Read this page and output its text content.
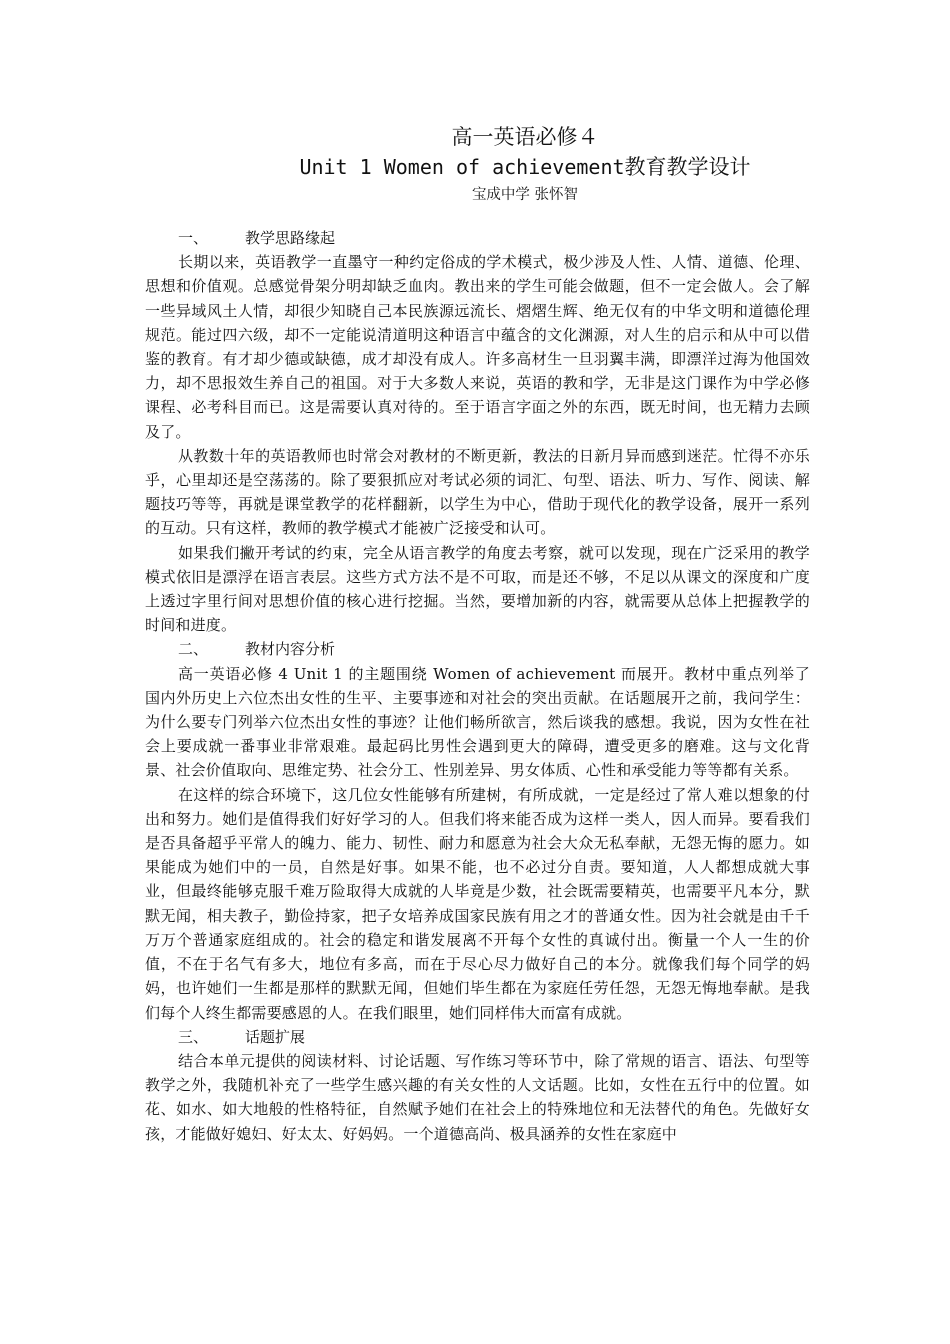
高一英语必修４
Unit 1 Women of achievement教育教学设计
宝成中学 张怀智
一、	教学思路缘起

长期以来，英语教学一直墨守一种约定俗成的学术模式，极少涉及人性、人情、道德、伦理、思想和价值观。总感觉骨架分明却缺乏血肉。教出来的学生可能会做题，但不一定会做人。会了解一些异域风土人情，却很少知晓自己本民族源远流长、熠熠生辉、绝无仅有的中华文明和道德伦理规范。能过四六级，却不一定能说清道明这种语言中蕴含的文化渊源，对人生的启示和从中可以借鉴的教育。有才却少德或缺德，成才却没有成人。许多高材生一旦羽翼丰满，即漂洋过海为他国效力，却不思报效生养自己的祖国。对于大多数人来说，英语的教和学，无非是这门课作为中学必修课程、必考科目而已。这是需要认真对待的。至于语言字面之外的东西，既无时间，也无精力去顾及了。

从教数十年的英语教师也时常会对教材的不断更新，教法的日新月异而感到迷茫。忙得不亦乐乎，心里却还是空荡荡的。除了要狠抓应对考试必须的词汇、句型、语法、听力、写作、阅读、解题技巧等等，再就是课堂教学的花样翻新，以学生为中心，借助于现代化的教学设备，展开一系列的互动。只有这样，教师的教学模式才能被广泛接受和认可。

如果我们撇开考试的约束，完全从语言教学的角度去考察，就可以发现，现在广泛采用的教学模式依旧是漂浮在语言表层。这些方式方法不是不可取，而是还不够，不足以从课文的深度和广度上透过字里行间对思想价值的核心进行挖掘。当然，要增加新的内容，就需要从总体上把握教学的时间和进度。

二、	教材内容分析

高一英语必修 4 Unit 1 的主题围绕 Women of achievement 而展开。教材中重点列举了 国内外历史上六位杰出女性的生平、主要事迹和对社会的突出贡献。在话题展开之前，我问学生：为什么要专门列举六位杰出女性的事迹？让他们畅所欲言，然后谈我的感想。我说，因为女性在社会上要成就一番事业非常艰难。最起码比男性会遇到更大的障碍，遭受更多的磨难。这与文化背景、社会价值取向、思维定势、社会分工、性别差异、男女体质、心性和承受能力等等都有关系。

在这样的综合环境下，这几位女性能够有所建树，有所成就，一定是经过了常人难以想象的付出和努力。她们是值得我们好好学习的人。但我们将来能否成为这样一类人，因人而异。要看我们是否具备超乎平常人的魄力、能力、韧性、耐力和愿意为社会大众无私奉献，无怨无悔的愿力。如果能成为她们中的一员，自然是好事。如果不能，也不必过分自责。要知道，人人都想成就大事业，但最终能够克服千难万险取得大成就的人毕竟是少数，社会既需要精英，也需要平凡本分，默默无闻，相夫教子，勤俭持家，把子女培养成国家民族有用之才的普通女性。因为社会就是由千千万万个普通家庭组成的。社会的稳定和谐发展离不开每个女性的真诚付出。衡量一个人一生的价值，不在于名气有多大，地位有多高，而在于尽心尽力做好自己的本分。就像我们每个同学的妈妈，也许她们一生都是那样的默默无闻，但她们毕生都在为家庭任劳任怨，无怨无悔地奉献。是我们每个人终生都需要感恩的人。在我们眼里，她们同样伟大而富有成就。

三、	话题扩展

结合本单元提供的阅读材料、讨论话题、写作练习等环节中，除了常规的语言、语法、句型等教学之外，我随机补充了一些学生感兴趣的有关女性的人文话题。比如，女性在五行中的位置。如花、如水、如大地般的性格特征，自然赋予她们在社会上的特殊地位和无法替代的角色。先做好女孩，才能做好媳妇、好太太、好妈妈。一个道德高尚、极具涵养的女性在家庭中
